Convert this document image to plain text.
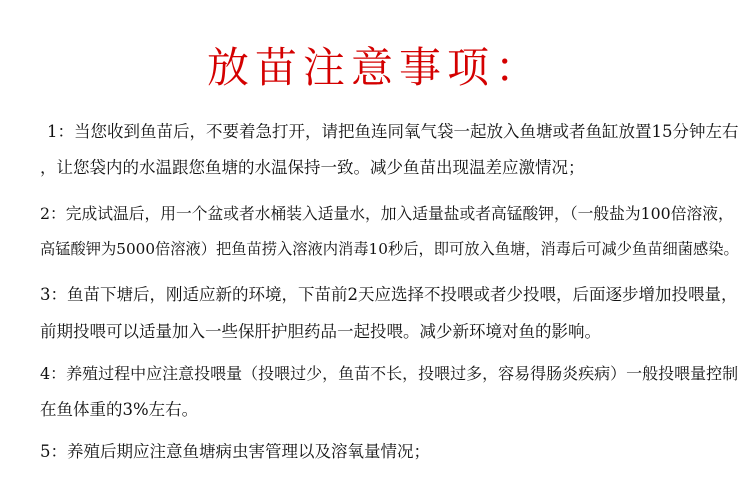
放苗注意事项：
1：当您收到鱼苗后，不要着急打开，请把鱼连同氧气袋一起放入鱼塘或者鱼缸放置15分钟左右
，让您袋内的水温跟您鱼塘的水温保持一致。减少鱼苗出现温差应激情况；
2：完成试温后，用一个盆或者水桶装入适量水，加入适量盐或者高锰酸钾，（一般盐为100倍溶液，
高锰酸钾为5000倍溶液）把鱼苗捞入溶液内消毒10秒后，即可放入鱼塘，消毒后可减少鱼苗细菌感染。
3：鱼苗下塘后，刚适应新的环境，下苗前2天应选择不投喂或者少投喂，后面逐步增加投喂量，
前期投喂可以适量加入一些保肝护胆药品一起投喂。减少新环境对鱼的影响。
4：养殖过程中应注意投喂量（投喂过少，鱼苗不长，投喂过多，容易得肠炎疾病）一般投喂量控制
在鱼体重的3%左右。
5：养殖后期应注意鱼塘病虫害管理以及溶氧量情况；
